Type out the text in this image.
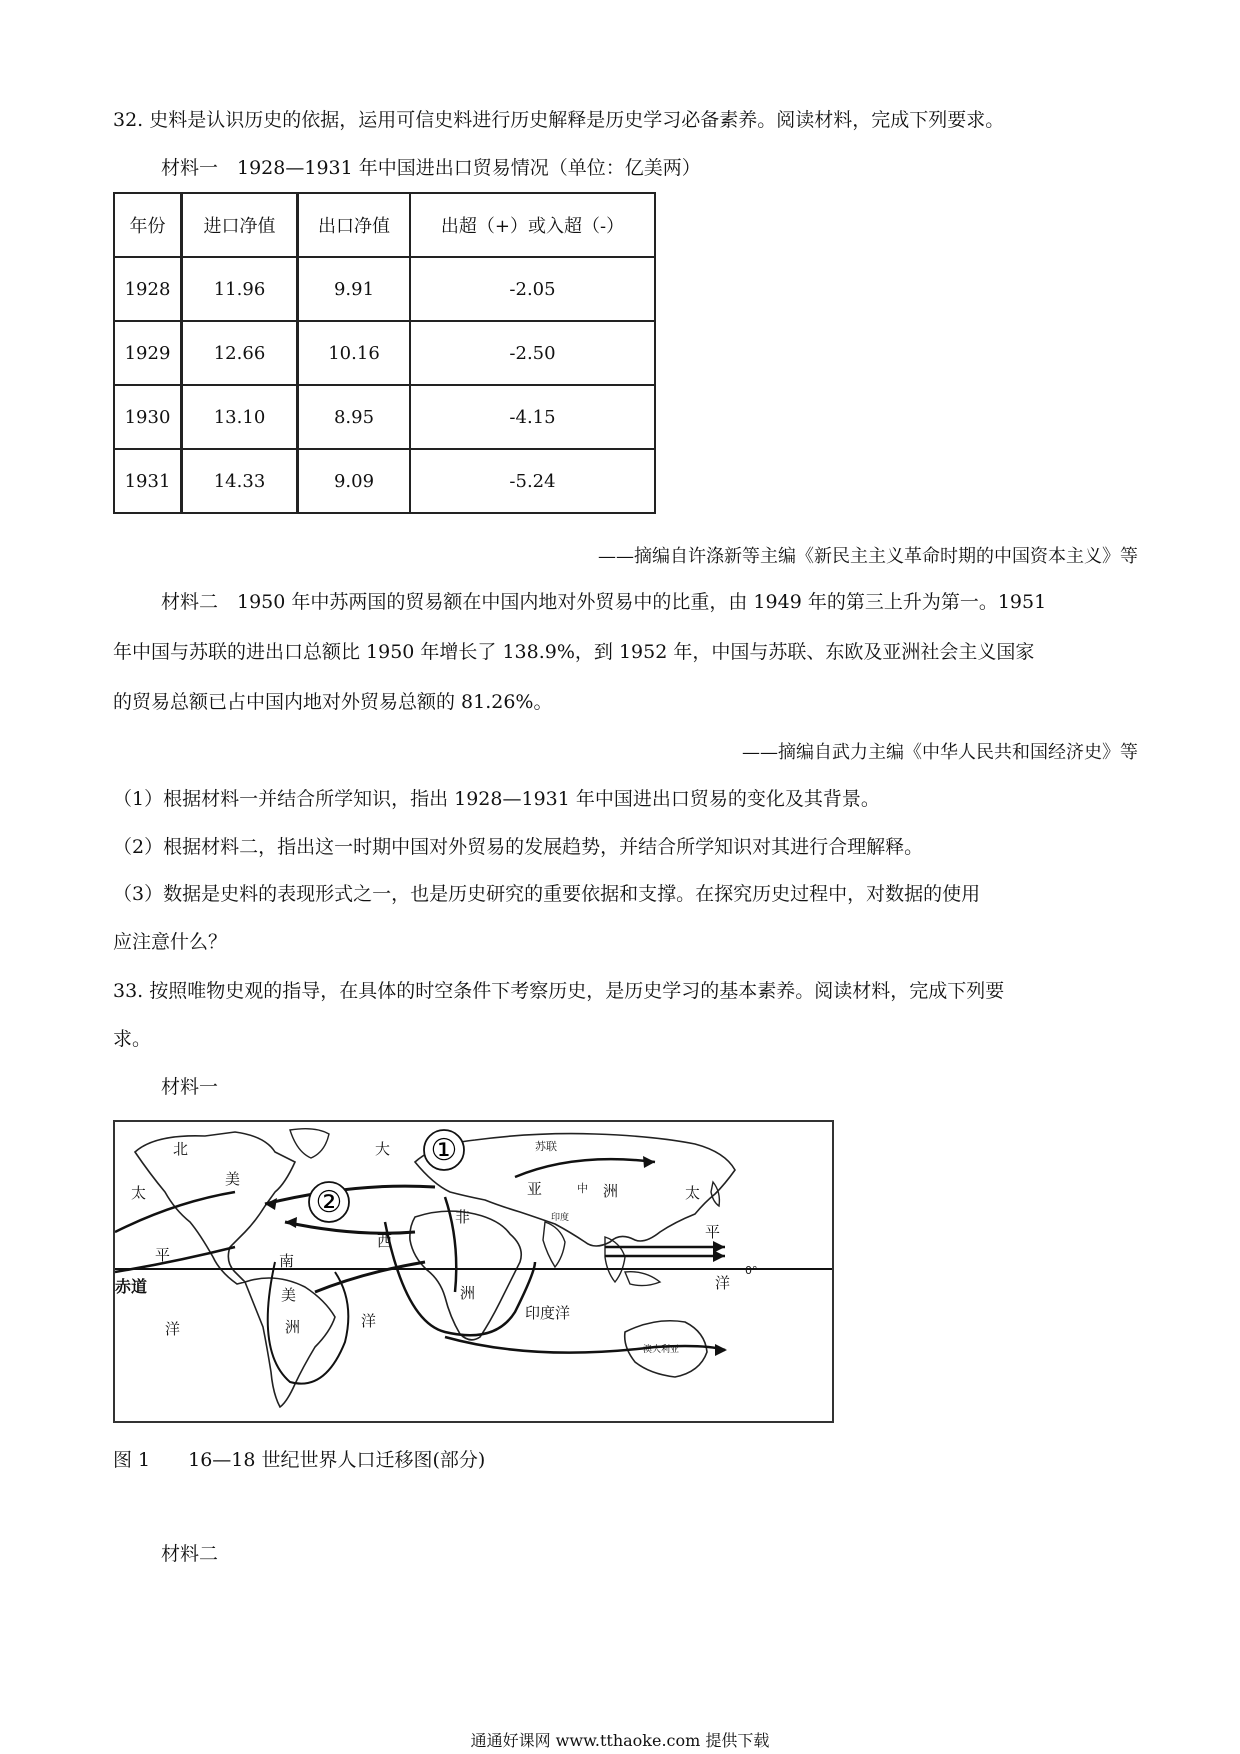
32. 史料是认识历史的依据，运用可信史料进行历史解释是历史学习必备素养。阅读材料，完成下列要求。
材料一　1928—1931 年中国进出口贸易情况（单位：亿美两）
年份	进口净值	出口净值	出超（+）或入超（-）
1928	11.96	9.91	-2.05
1929	12.66	10.16	-2.50
1930	13.10	8.95	-4.15
1931	14.33	9.09	-5.24
——摘编自许涤新等主编《新民主主义革命时期的中国资本主义》等
材料二　1950 年中苏两国的贸易额在中国内地对外贸易中的比重，由 1949 年的第三上升为第一。1951
年中国与苏联的进出口总额比 1950 年增长了 138.9%，到 1952 年，中国与苏联、东欧及亚洲社会主义国家
的贸易总额已占中国内地对外贸易总额的 81.26%。
——摘编自武力主编《中华人民共和国经济史》等
（1）根据材料一并结合所学知识，指出 1928—1931 年中国进出口贸易的变化及其背景。
（2）根据材料二，指出这一时期中国对外贸易的发展趋势，并结合所学知识对其进行合理解释。
（3）数据是史料的表现形式之一，也是历史研究的重要依据和支撑。在探究历史过程中，对数据的使用
应注意什么？
33. 按照唯物史观的指导，在具体的时空条件下考察历史，是历史学习的基本素养。阅读材料，完成下列要
求。
材料一
①
②
北
美
太
平
洋
赤道
大
西
洋
南
美
洲
非
洲
亚	洲
中
印度
苏联
印度洋
太
平
洋
澳大利亚
0°
图 1　　16—18 世纪世界人口迁移图(部分)
材料二
通通好课网 www.tthaoke.com 提供下载
